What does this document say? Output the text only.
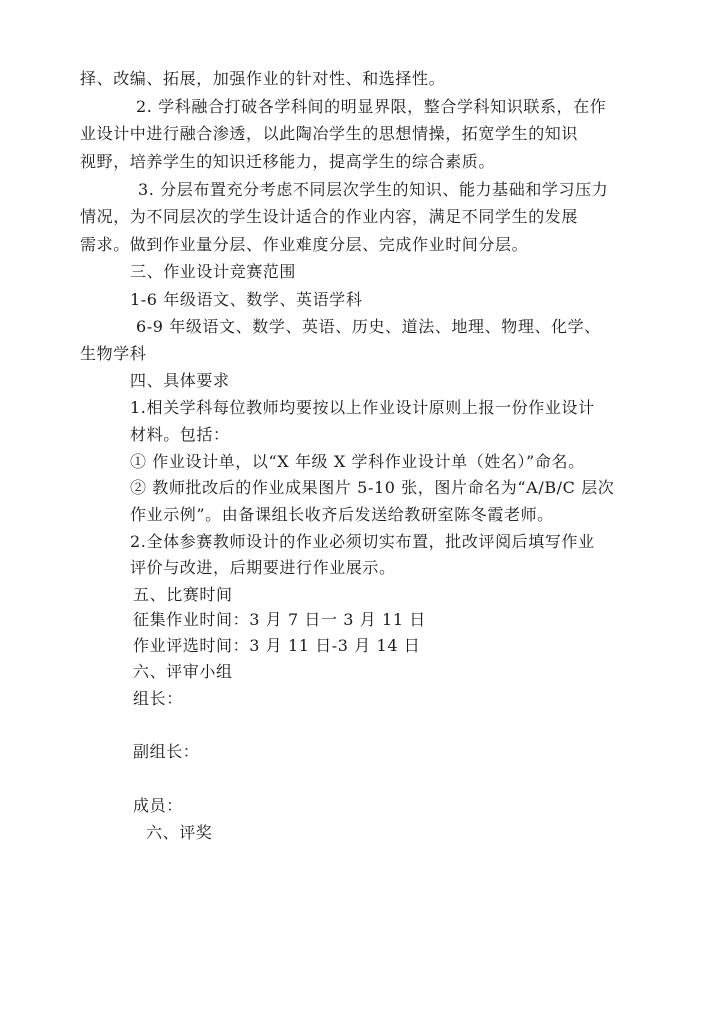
择、改编、拓展，加强作业的针对性、和选择性。
2. 学科融合打破各学科间的明显界限，整合学科知识联系，在作
业设计中进行融合渗透，以此陶冶学生的思想情操，拓宽学生的知识
视野，培养学生的知识迁移能力，提高学生的综合素质。
3. 分层布置充分考虑不同层次学生的知识、能力基础和学习压力
情况，为不同层次的学生设计适合的作业内容，满足不同学生的发展
需求。做到作业量分层、作业难度分层、完成作业时间分层。
三、作业设计竞赛范围
1-6 年级语文、数学、英语学科
6-9 年级语文、数学、英语、历史、道法、地理、物理、化学、
生物学科
四、具体要求
1.相关学科每位教师均要按以上作业设计原则上报一份作业设计
材料。包括：
① 作业设计单，以“X 年级 X 学科作业设计单（姓名）”命名。
② 教师批改后的作业成果图片 5-10 张，图片命名为“A/B/C 层次
作业示例”。由备课组长收齐后发送给教研室陈冬霞老师。
2.全体参赛教师设计的作业必须切实布置，批改评阅后填写作业
评价与改进，后期要进行作业展示。
五、比赛时间
征集作业时间：3 月 7 日一 3 月 11 日
作业评选时间：3 月 11 日-3 月 14 日
六、评审小组
组长：
副组长：
成员：
六、评奖
